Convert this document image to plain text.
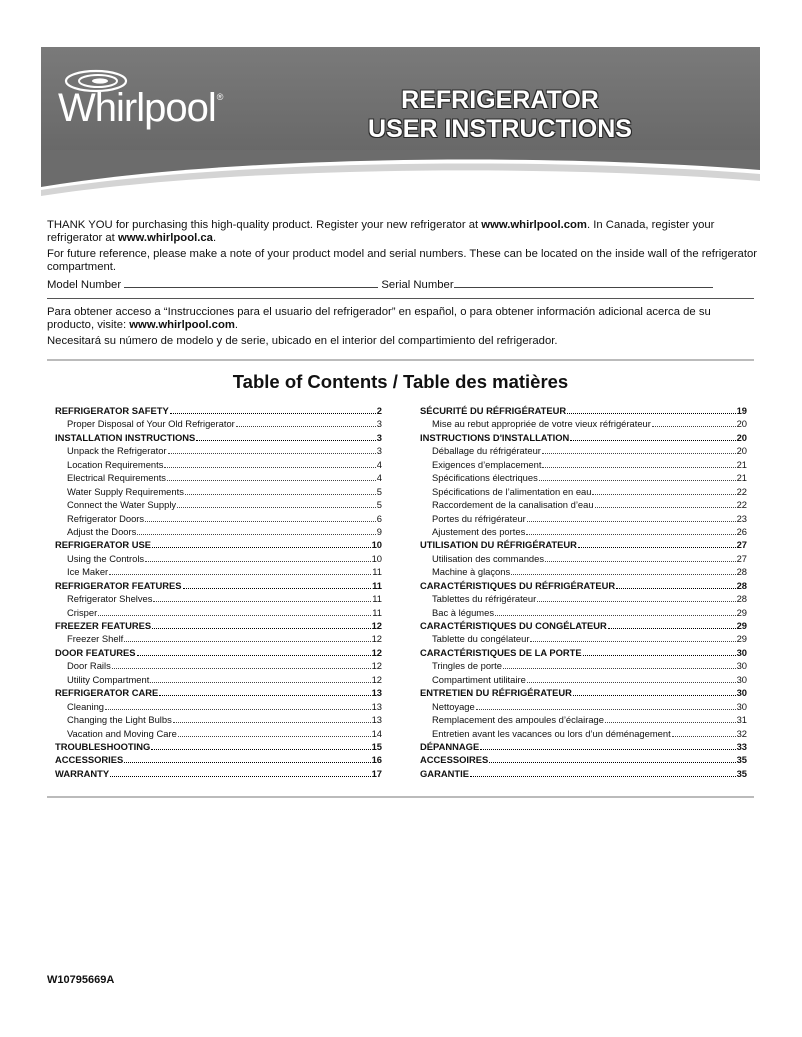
Whirlpool®	REFRIGERATOR
USER INSTRUCTIONS
THANK YOU for purchasing this high-quality product. Register your new refrigerator at www.whirlpool.com. In Canada, register your refrigerator at www.whirlpool.ca.
For future reference, please make a note of your product model and serial numbers. These can be located on the inside wall of the refrigerator compartment.
Model Number	Serial Number
Para obtener acceso a “Instrucciones para el usuario del refrigerador” en español, o para obtener información adicional acerca de su producto, visite: www.whirlpool.com.
Necesitará su número de modelo y de serie, ubicado en el interior del compartimiento del refrigerador.
Table of Contents / Table des matières
REFRIGERATOR SAFETY	2
Proper Disposal of Your Old Refrigerator	3
INSTALLATION INSTRUCTIONS	3
Unpack the Refrigerator	3
Location Requirements	4
Electrical Requirements	4
Water Supply Requirements	5
Connect the Water Supply	5
Refrigerator Doors	6
Adjust the Doors	9
REFRIGERATOR USE	10
Using the Controls	10
Ice Maker	11
REFRIGERATOR FEATURES	11
Refrigerator Shelves	11
Crisper	11
FREEZER FEATURES	12
Freezer Shelf	12
DOOR FEATURES	12
Door Rails	12
Utility Compartment	12
REFRIGERATOR CARE	13
Cleaning	13
Changing the Light Bulbs	13
Vacation and Moving Care	14
TROUBLESHOOTING	15
ACCESSORIES	16
WARRANTY	17
SÉCURITÉ DU RÉFRIGÉRATEUR	19
Mise au rebut appropriée de votre vieux réfrigérateur	20
INSTRUCTIONS D'INSTALLATION	20
Déballage du réfrigérateur	20
Exigences d’emplacement	21
Spécifications électriques	21
Spécifications de l’alimentation en eau	22
Raccordement de la canalisation d’eau	22
Portes du réfrigérateur	23
Ajustement des portes	26
UTILISATION DU RÉFRIGÉRATEUR	27
Utilisation des commandes	27
Machine à glaçons	28
CARACTÉRISTIQUES DU RÉFRIGÉRATEUR	28
Tablettes du réfrigérateur	28
Bac à légumes	29
CARACTÉRISTIQUES DU CONGÉLATEUR	29
Tablette du congélateur	29
CARACTÉRISTIQUES DE LA PORTE	30
Tringles de porte	30
Compartiment utilitaire	30
ENTRETIEN DU RÉFRIGÉRATEUR	30
Nettoyage	30
Remplacement des ampoules d’éclairage	31
Entretien avant les vacances ou lors d’un déménagement	32
DÉPANNAGE	33
ACCESSOIRES	35
GARANTIE	35
W10795669A
